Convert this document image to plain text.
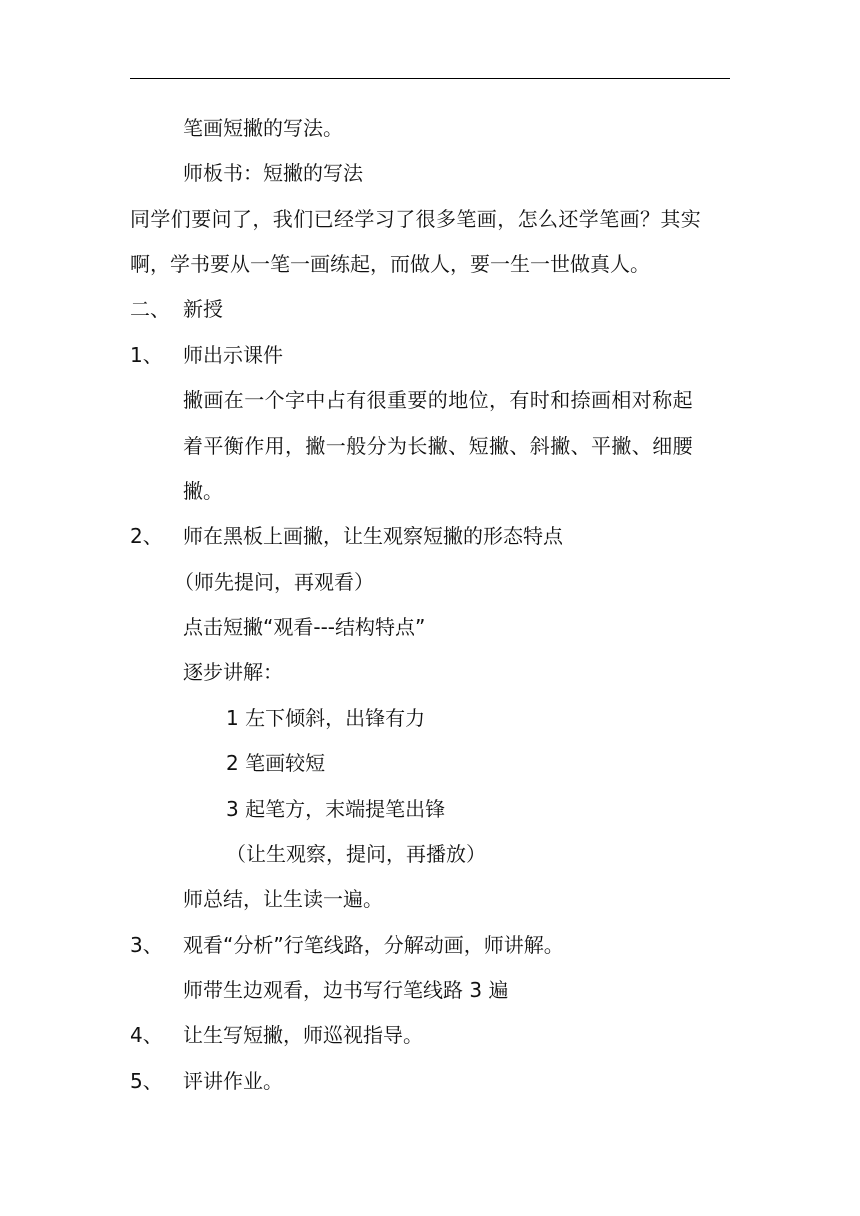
笔画短撇的写法。
师板书：短撇的写法
同学们要问了，我们已经学习了很多笔画，怎么还学笔画？其实
啊，学书要从一笔一画练起，而做人，要一生一世做真人。
二、 新授
1、 师出示课件
撇画在一个字中占有很重要的地位，有时和捺画相对称起
着平衡作用，撇一般分为长撇、短撇、斜撇、平撇、细腰
撇。
2、 师在黑板上画撇，让生观察短撇的形态特点
（师先提问，再观看）
点击短撇“观看---结构特点”
逐步讲解：
1 左下倾斜，出锋有力
2 笔画较短
3 起笔方，末端提笔出锋
（让生观察，提问，再播放）
师总结，让生读一遍。
3、 观看“分析”行笔线路，分解动画，师讲解。
师带生边观看，边书写行笔线路 3 遍
4、 让生写短撇，师巡视指导。
5、 评讲作业。
